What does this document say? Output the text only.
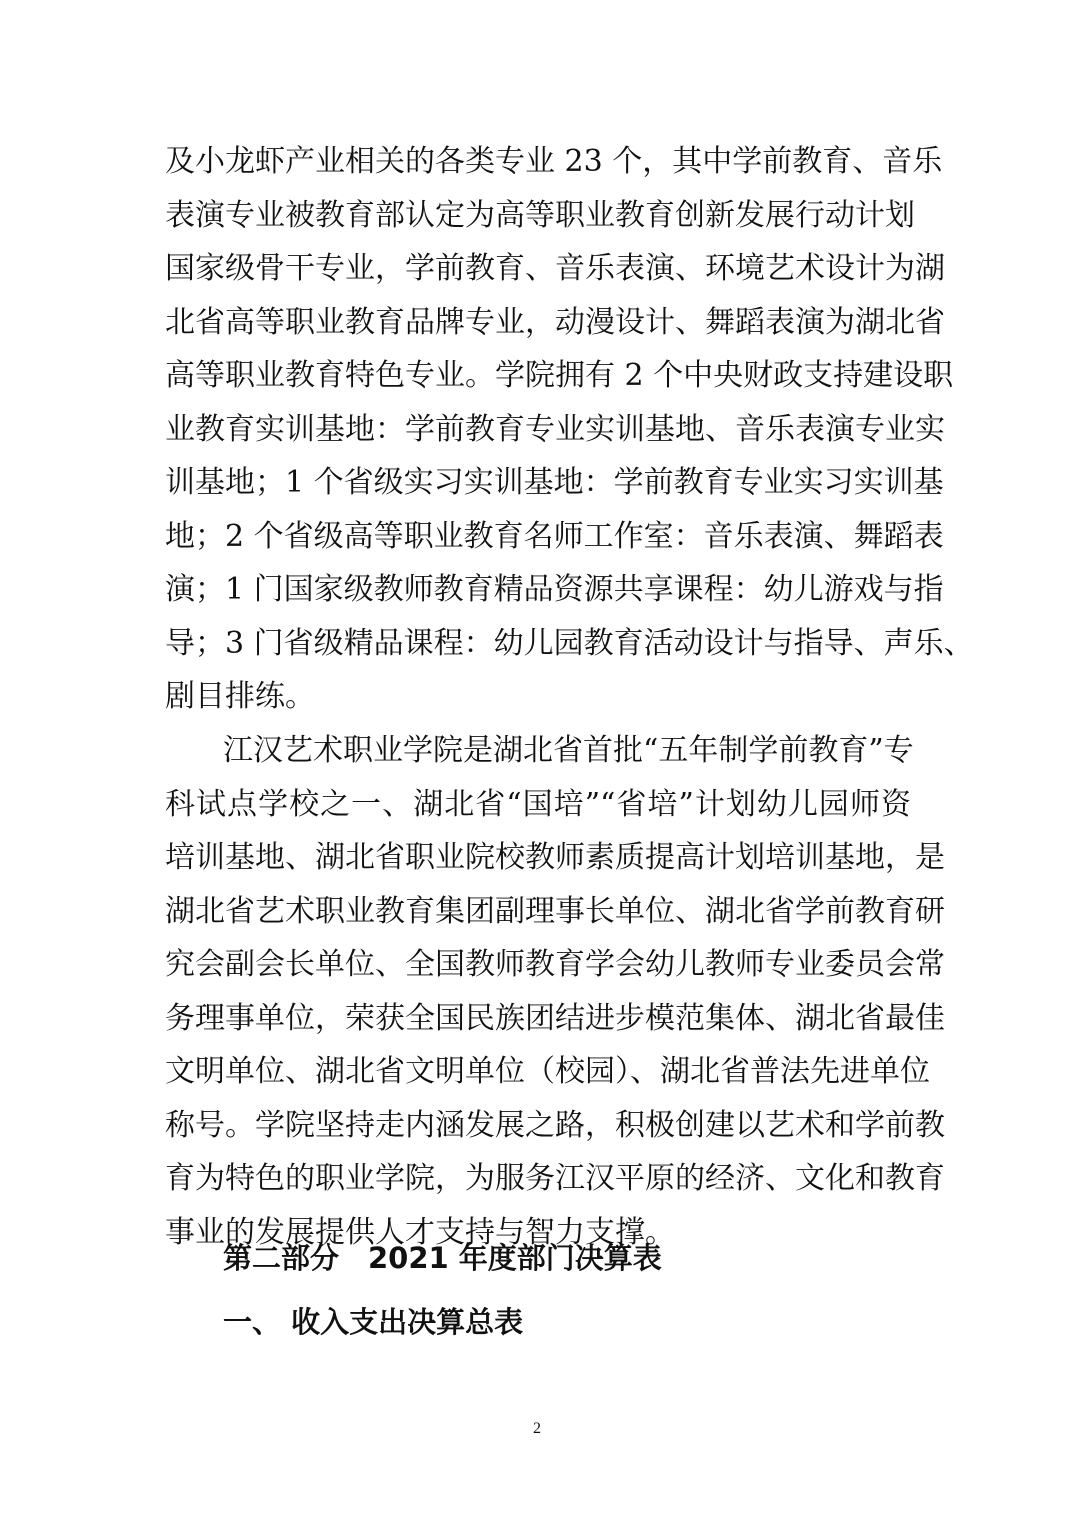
及小龙虾产业相关的各类专业 23 个，其中学前教育、音乐
表演专业被教育部认定为高等职业教育创新发展行动计划
国家级骨干专业，学前教育、音乐表演、环境艺术设计为湖
北省高等职业教育品牌专业，动漫设计、舞蹈表演为湖北省
高等职业教育特色专业。学院拥有 2 个中央财政支持建设职
业教育实训基地：学前教育专业实训基地、音乐表演专业实
训基地；1 个省级实习实训基地：学前教育专业实习实训基
地；2 个省级高等职业教育名师工作室：音乐表演、舞蹈表
演；1 门国家级教师教育精品资源共享课程：幼儿游戏与指
导；3 门省级精品课程：幼儿园教育活动设计与指导、声乐、
剧目排练。
江汉艺术职业学院是湖北省首批“五年制学前教育”专
科试点学校之一、湖北省“国培”“省培”计划幼儿园师资
培训基地、湖北省职业院校教师素质提高计划培训基地，是
湖北省艺术职业教育集团副理事长单位、湖北省学前教育研
究会副会长单位、全国教师教育学会幼儿教师专业委员会常
务理事单位，荣获全国民族团结进步模范集体、湖北省最佳
文明单位、湖北省文明单位（校园）、湖北省普法先进单位
称号。学院坚持走内涵发展之路，积极创建以艺术和学前教
育为特色的职业学院，为服务江汉平原的经济、文化和教育
事业的发展提供人才支持与智力支撑。
第二部分　2021 年度部门决算表
一、 收入支出决算总表
2
